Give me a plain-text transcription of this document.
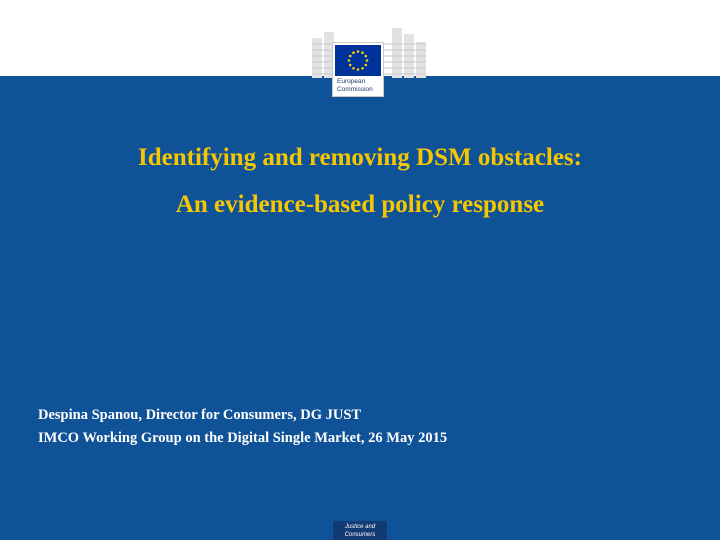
European
Commission
Identifying and removing DSM obstacles:
An evidence-based policy response
Despina Spanou, Director for Consumers, DG JUST
IMCO Working Group on the Digital Single Market, 26 May 2015
Justice and
Consumers
